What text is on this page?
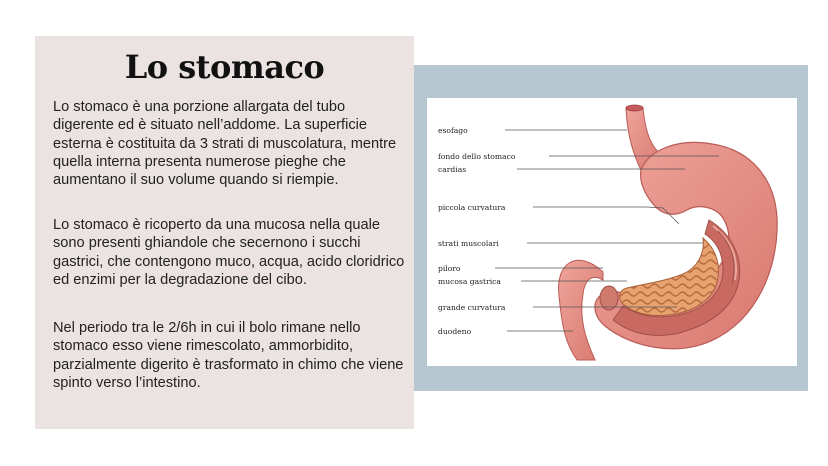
Lo stomaco

Lo stomaco è una porzione allargata del tubo digerente ed è situato nell’addome. La superficie esterna è costituita da 3 strati di muscolatura, mentre quella interna presenta numerose pieghe che aumentano il suo volume quando si riempie.

Lo stomaco è ricoperto da una mucosa nella quale sono presenti ghiandole che secernono i succhi gastrici, che contengono muco, acqua, acido cloridrico ed enzimi per la degradazione del cibo.

Nel periodo tra le 2/6h in cui il bolo rimane nello stomaco esso viene rimescolato, ammorbidito, parzialmente digerito è trasformato in chimo che viene spinto verso l’intestino.

esofago

fondo dello stomaco

cardias

piccola curvatura

strati muscolari

piloro

mucosa gastrica

grande curvatura

duodeno
